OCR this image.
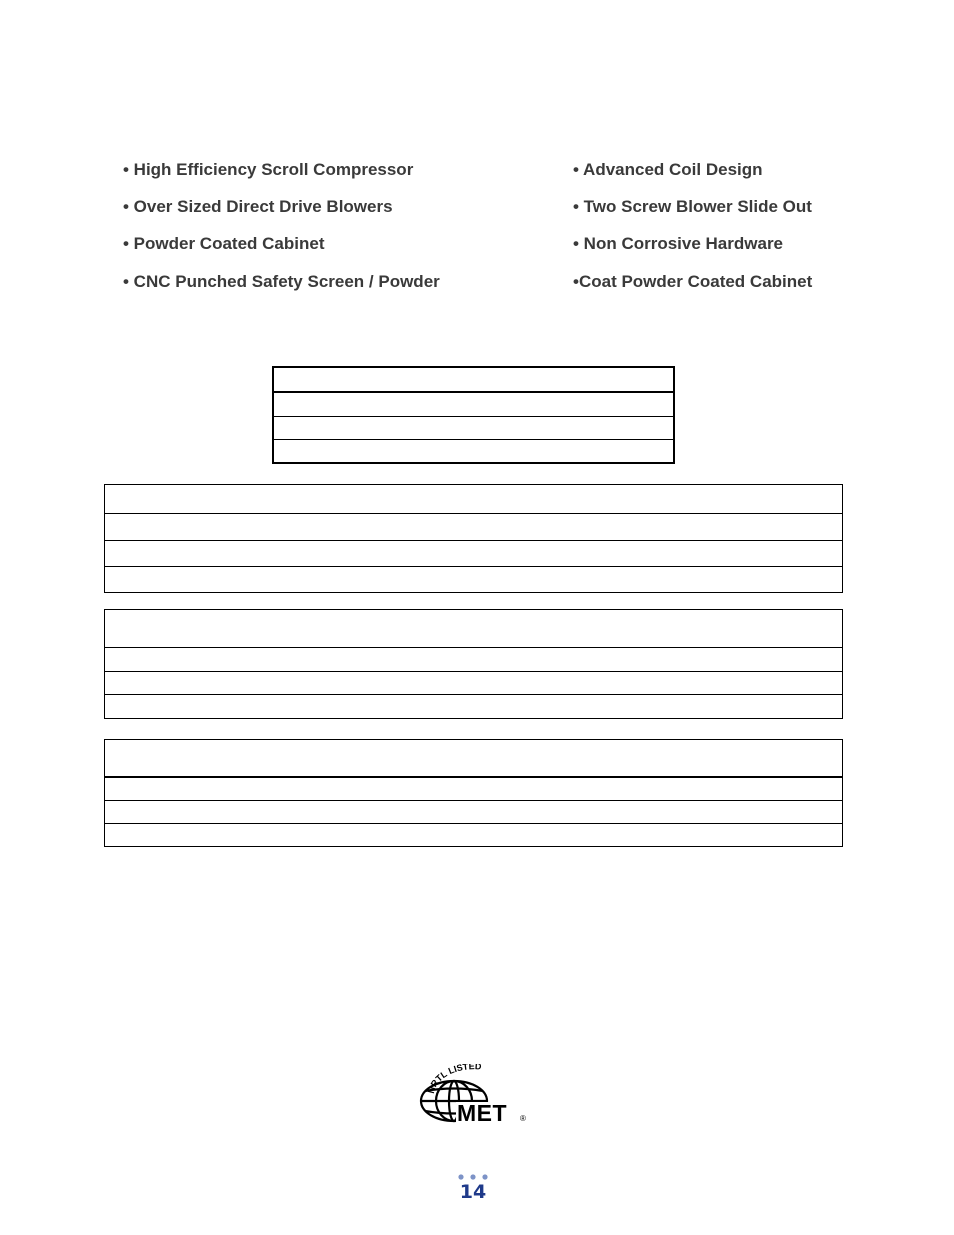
• High Efficiency Scroll Compressor
• Over Sized Direct Drive Blowers
• Powder Coated Cabinet
• CNC Punched Safety Screen / Powder
• Advanced Coil Design
• Two Screw Blower Slide Out
• Non Corrosive Hardware
•Coat Powder Coated Cabinet
NRTL LISTED
MET ®
14
